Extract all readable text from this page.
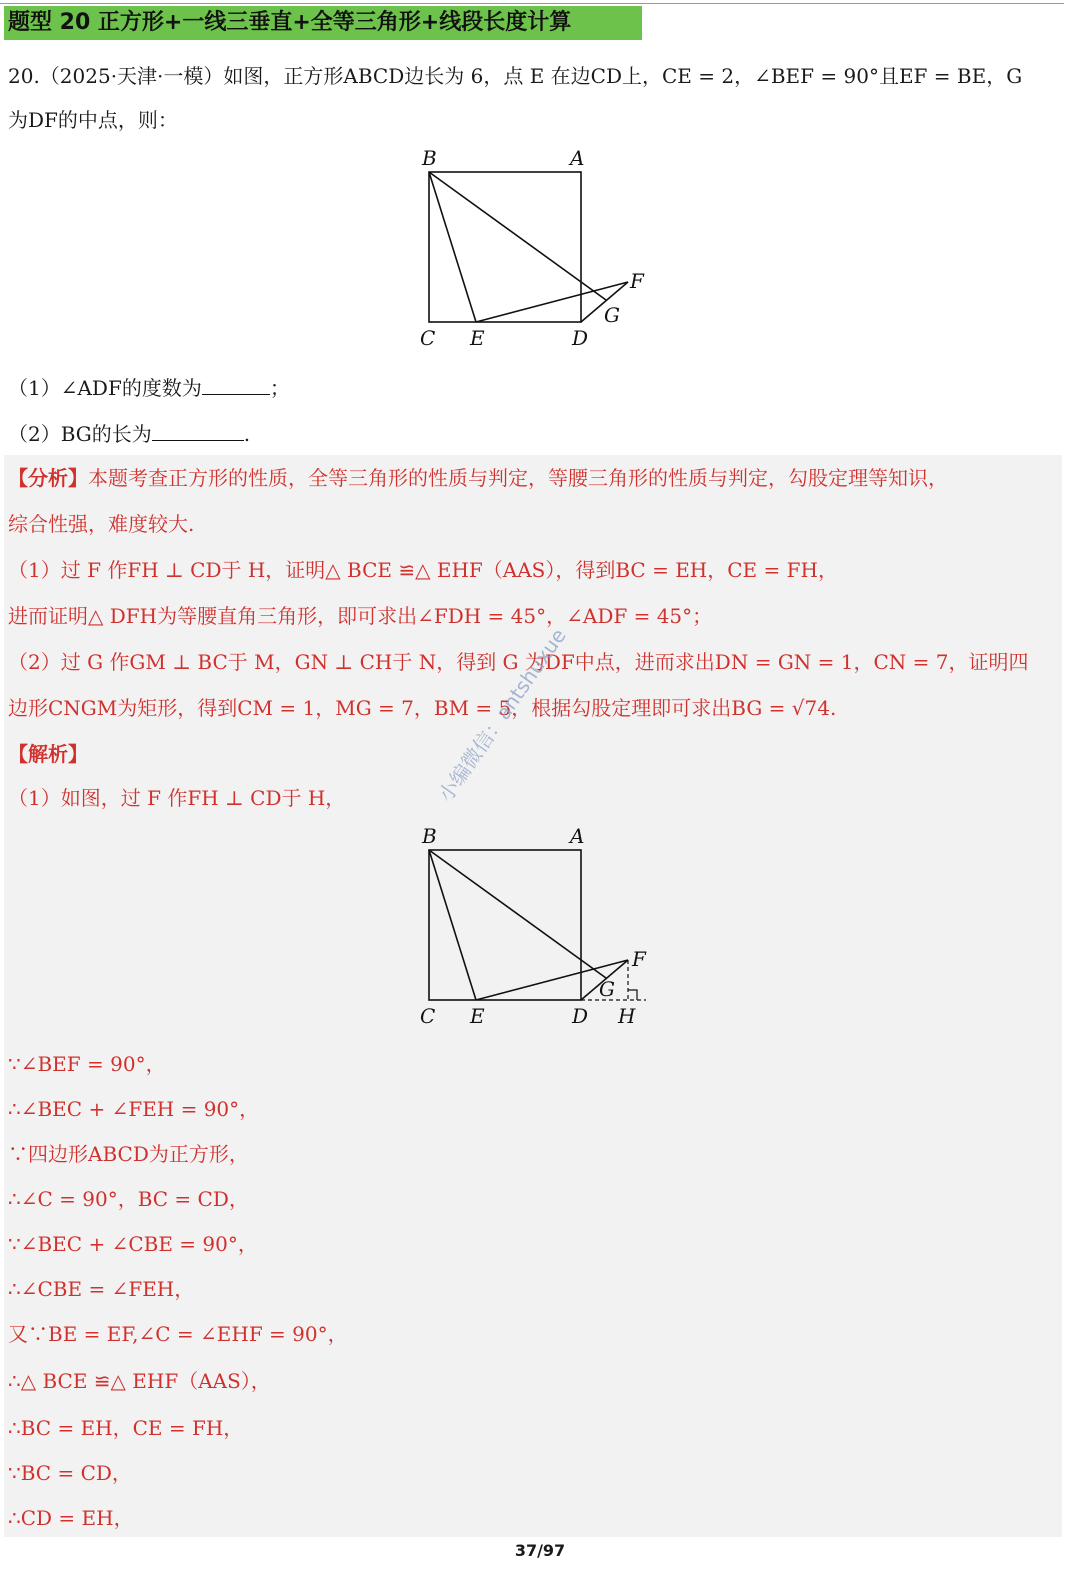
题型 20 正方形+一线三垂直+全等三角形+线段长度计算
20.（2025·天津·一模）如图，正方形ABCD边长为 6，点 E 在边CD上，CE = 2，∠BEF = 90°且EF = BE，G
为DF的中点，则：
B	A
C E	D
F
G
（1）∠ADF的度数为	；
（2）BG的长为	.
【分析】本题考查正方形的性质，全等三角形的性质与判定，等腰三角形的性质与判定，勾股定理等知识，
综合性强，难度较大.
（1）过 F 作FH ⊥ CD于 H，证明△ BCE ≌△ EHF（AAS），得到BC = EH，CE = FH，
进而证明△ DFH为等腰直角三角形，即可求出∠FDH = 45°，∠ADF = 45°；
（2）过 G 作GM ⊥ BC于 M，GN ⊥ CH于 N，得到 G 为DF中点，进而求出DN = GN = 1，CN = 7，证明四
边形CNGM为矩形，得到CM = 1，MG = 7，BM = 5，根据勾股定理即可求出BG = √74.
【解析】
（1）如图，过 F 作FH ⊥ CD于 H，	小编微信：antshuxue
B	A
C E	D H
F
G
∵∠BEF = 90°，
∴∠BEC + ∠FEH = 90°，
∵四边形ABCD为正方形，
∴∠C = 90°，BC = CD，
∵∠BEC + ∠CBE = 90°，
∴∠CBE = ∠FEH，
又∵BE = EF,∠C = ∠EHF = 90°，
∴△ BCE ≌△ EHF（AAS），
∴BC = EH，CE = FH，
∵BC = CD，
∴CD = EH，
37/97
